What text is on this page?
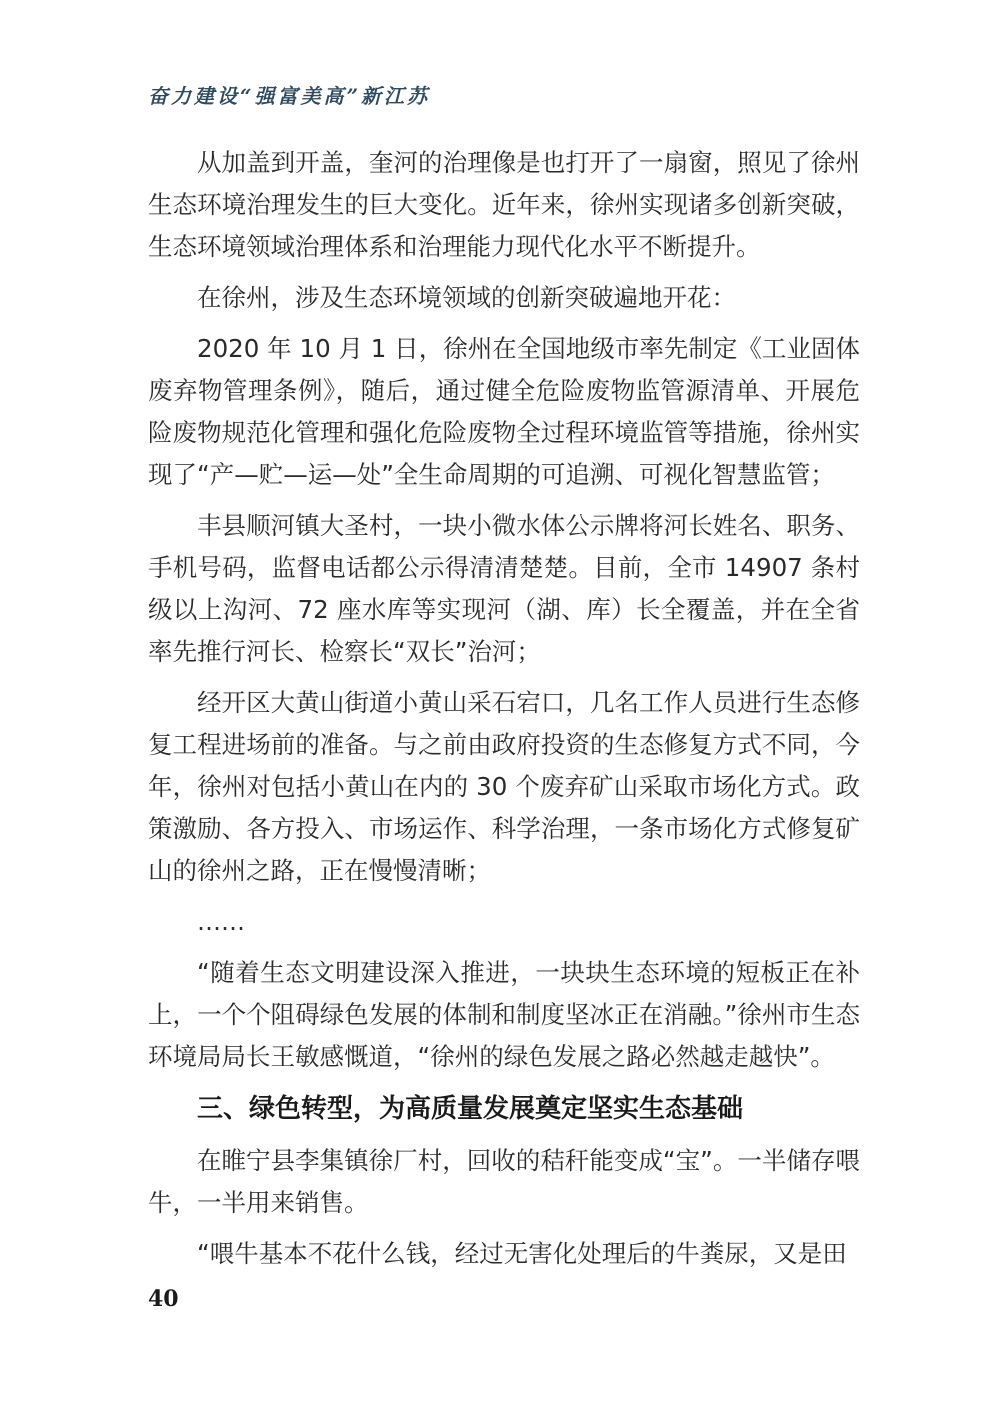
奋力建设“强富美高”新江苏

从加盖到开盖，奎河的治理像是也打开了一扇窗，照见了徐州生态环境治理发生的巨大变化。近年来，徐州实现诸多创新突破，生态环境领域治理体系和治理能力现代化水平不断提升。

在徐州，涉及生态环境领域的创新突破遍地开花：

2020 年 10 月 1 日，徐州在全国地级市率先制定《工业固体废弃物管理条例》，随后，通过健全危险废物监管源清单、开展危险废物规范化管理和强化危险废物全过程环境监管等措施，徐州实现了“产—贮—运—处”全生命周期的可追溯、可视化智慧监管；

丰县顺河镇大圣村，一块小微水体公示牌将河长姓名、职务、手机号码，监督电话都公示得清清楚楚。目前，全市 14907 条村级以上沟河、72 座水库等实现河（湖、库）长全覆盖，并在全省率先推行河长、检察长“双长”治河；

经开区大黄山街道小黄山采石宕口，几名工作人员进行生态修复工程进场前的准备。与之前由政府投资的生态修复方式不同，今年，徐州对包括小黄山在内的 30 个废弃矿山采取市场化方式。政策激励、各方投入、市场运作、科学治理，一条市场化方式修复矿山的徐州之路，正在慢慢清晰；

……

“随着生态文明建设深入推进，一块块生态环境的短板正在补上，一个个阻碍绿色发展的体制和制度坚冰正在消融。”徐州市生态环境局局长王敏感慨道，“徐州的绿色发展之路必然越走越快”。

三、绿色转型，为高质量发展奠定坚实生态基础

在睢宁县李集镇徐厂村，回收的秸秆能变成“宝”。一半储存喂牛，一半用来销售。

“喂牛基本不花什么钱，经过无害化处理后的牛粪尿，又是田

40
